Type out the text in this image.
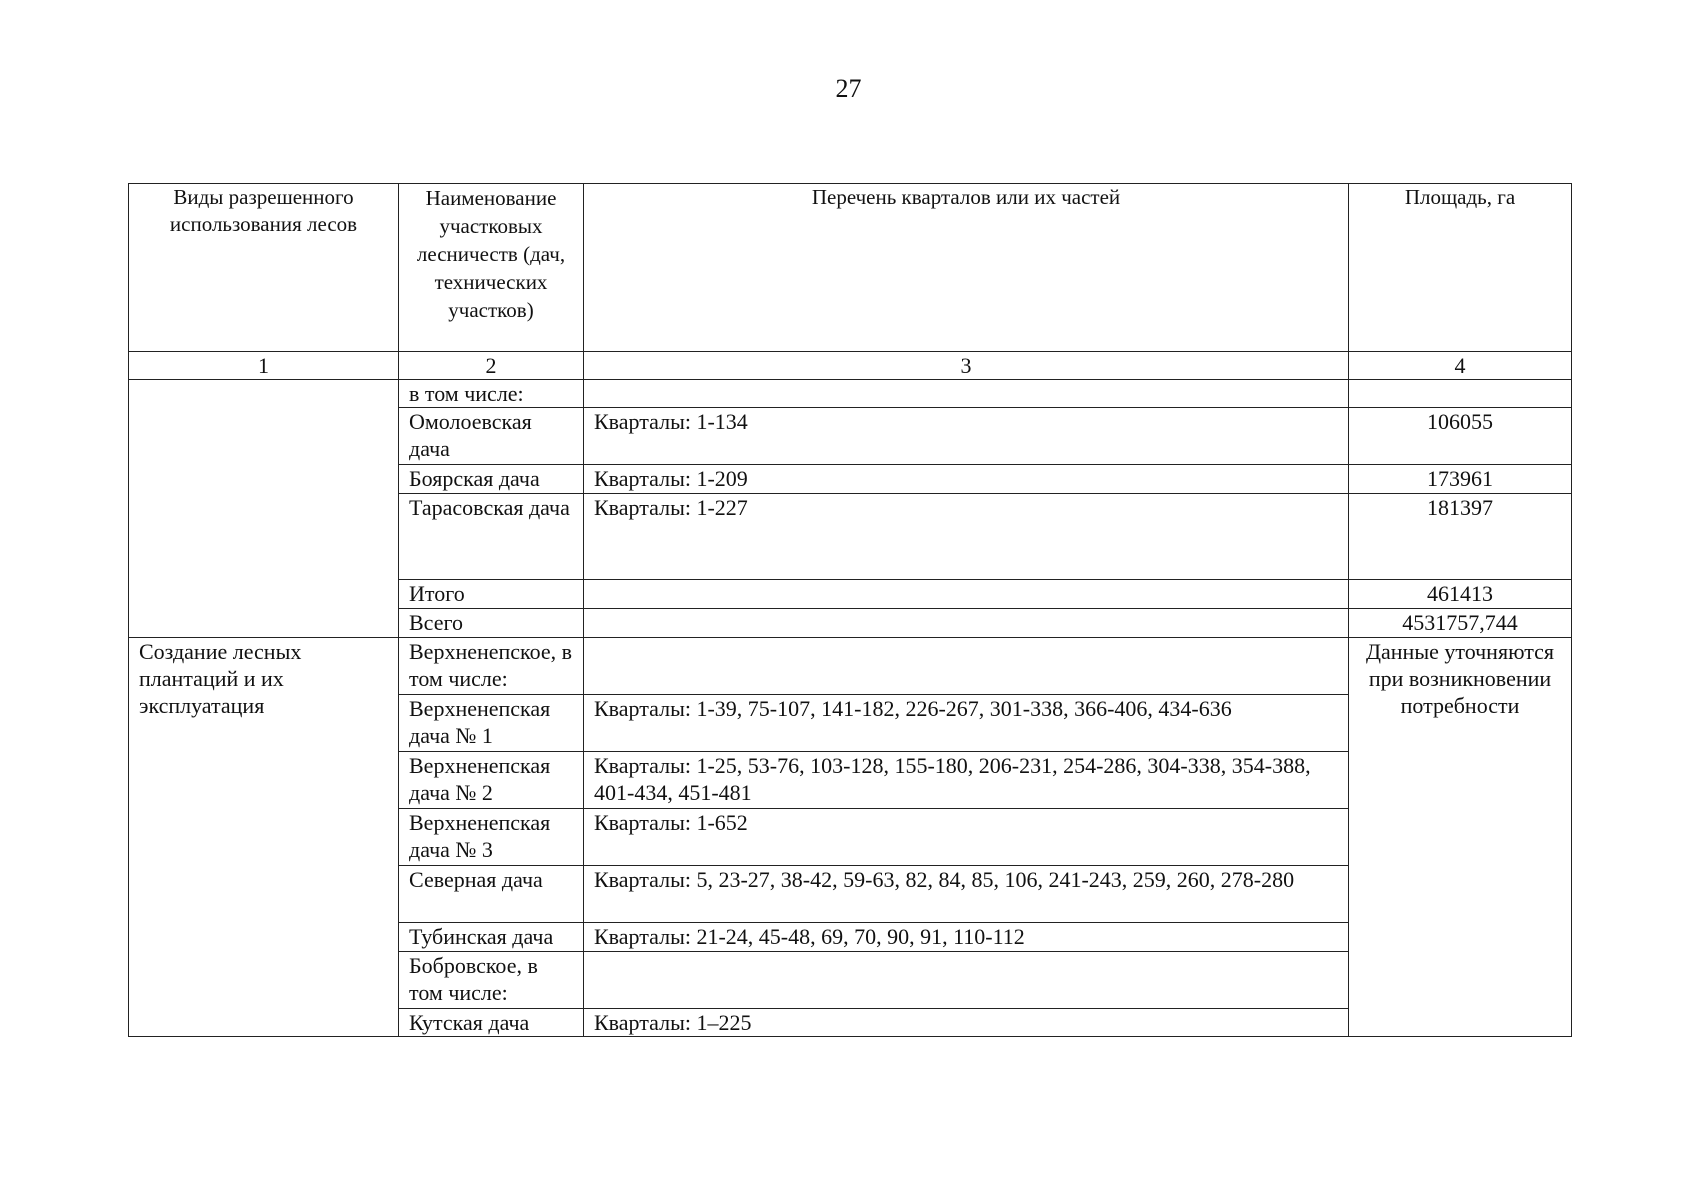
27
Виды разрешенного использования лесов	Наименование участковых лесничеств (дач, технических участков)	Перечень кварталов или их частей	Площадь, га
1	2	3	4
	в том числе:		
	Омолоевская дача	Кварталы: 1-134	106055
	Боярская дача	Кварталы: 1-209	173961
	Тарасовская дача	Кварталы: 1-227	181397
	Итого		461413
	Всего		4531757,744
Создание лесных плантаций и их эксплуатация	Верхненепское, в том числе:		Данные уточняются при возникновении потребности
	Верхненепская дача № 1	Кварталы: 1-39, 75-107, 141-182, 226-267, 301-338, 366-406, 434-636	
	Верхненепская дача № 2	Кварталы: 1-25, 53-76, 103-128, 155-180, 206-231, 254-286, 304-338, 354-388, 401-434, 451-481	
	Верхненепская дача № 3	Кварталы: 1-652	
	Северная дача	Кварталы: 5, 23-27, 38-42, 59-63, 82, 84, 85, 106, 241-243, 259, 260, 278-280	
	Тубинская дача	Кварталы: 21-24, 45-48, 69, 70, 90, 91, 110-112	
	Бобровское, в том числе:		
	Кутская дача	Кварталы: 1–225	
